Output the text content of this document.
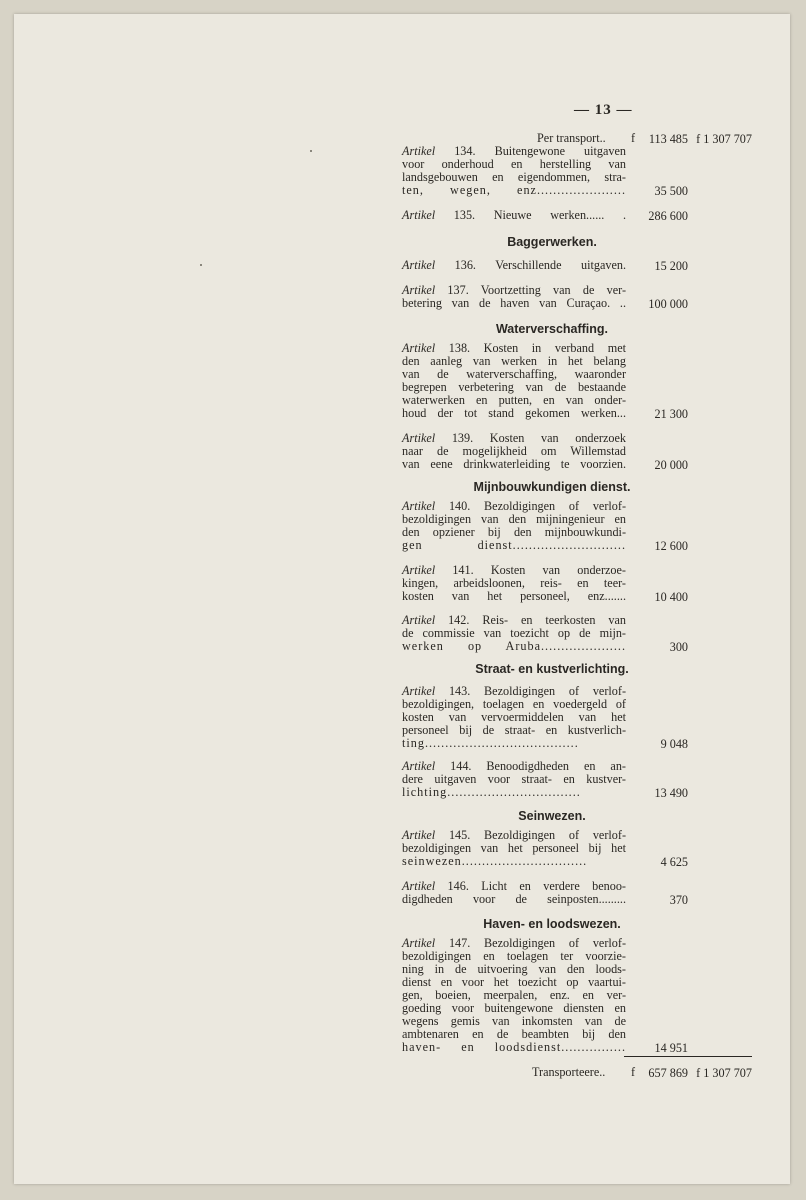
— 13 —
Per transport.. f	113 485 f 1 307 707
Artikel 134. Buitengewone uitgaven
voor onderhoud en herstelling van
landsgebouwen en eigendommen, stra-
ten, wegen, enz......................	35 500
Artikel 135. Nieuwe werken...... .	286 600
Baggerwerken.
Artikel 136. Verschillende uitgaven.	15 200
Artikel 137. Voortzetting van de ver-
betering van de haven van Curaçao. ..	100 000
Waterverschaffing.
Artikel 138. Kosten in verband met
den aanleg van werken in het belang
van de waterverschaffing, waaronder
begrepen verbetering van de bestaande
waterwerken en putten, en van onder-
houd der tot stand gekomen werken...	21 300
Artikel 139. Kosten van onderzoek
naar de mogelijkheid om Willemstad
van eene drinkwaterleiding te voorzien.	20 000
Mijnbouwkundigen dienst.
Artikel 140. Bezoldigingen of verlof-
bezoldigingen van den mijningenieur en
den opziener bij den mijnbouwkundi-
gen dienst............................	12 600
Artikel 141. Kosten van onderzoe-
kingen, arbeidsloonen, reis- en teer-
kosten van het personeel, enz.......	10 400
Artikel 142. Reis- en teerkosten van
de commissie van toezicht op de mijn-
werken op Aruba.....................	300
Straat- en kustverlichting.
Artikel 143. Bezoldigingen of verlof-
bezoldigingen, toelagen en voedergeld of
kosten van vervoermiddelen van het
personeel bij de straat- en kustverlich-
ting......................................	9 048
Artikel 144. Benoodigdheden en an-
dere uitgaven voor straat- en kustver-
lichting.................................	13 490
Seinwezen.
Artikel 145. Bezoldigingen of verlof-
bezoldigingen van het personeel bij het
seinwezen...............................	4 625
Artikel 146. Licht en verdere benoo-
digdheden voor de seinposten.........	370
Haven- en loodswezen.
Artikel 147. Bezoldigingen of verlof-
bezoldigingen en toelagen ter voorzie-
ning in de uitvoering van den loods-
dienst en voor het toezicht op vaartui-
gen, boeien, meerpalen, enz. en ver-
goeding voor buitengewone diensten en
wegens gemis van inkomsten van de
ambtenaren en de beambten bij den
haven- en loodsdienst................	14 951
Transporteere.. f	657 869 f 1 307 707
